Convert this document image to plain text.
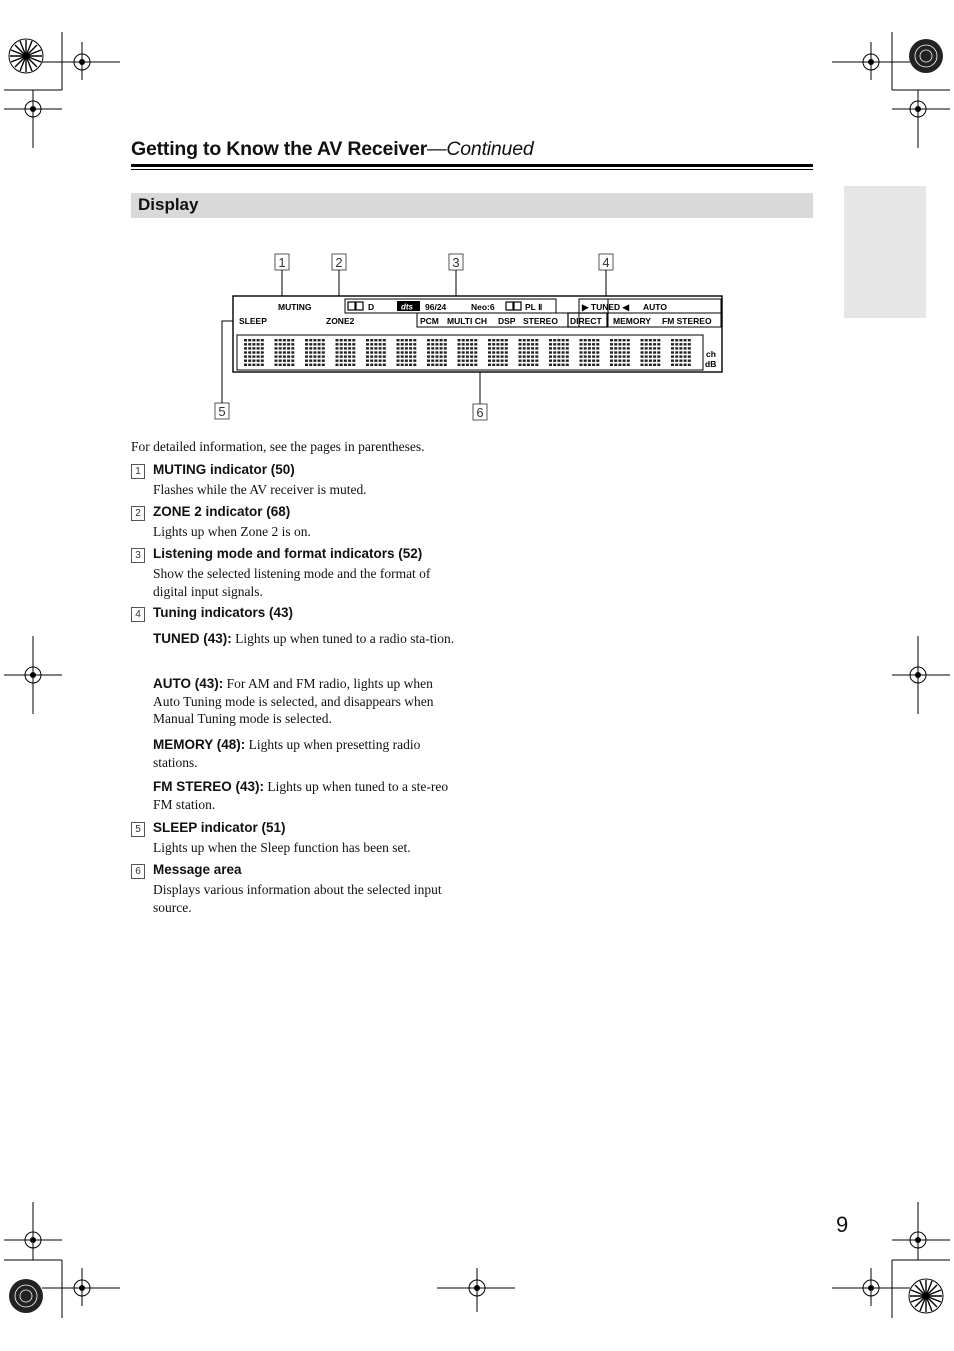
Getting to Know the AV Receiver—Continued
Display
1	2	3	4
5	6
MUTING
SLEEP	ZONE2
D	dts 96/24	Neo:6	PL Ⅱ	▶ TUNED ◀ AUTO
PCM MULTI CH DSP STEREO DIRECT MEMORY FM STEREO
ch
dB
For detailed information, see the pages in parentheses.
1 MUTING indicator (50)
Flashes while the AV receiver is muted.
2 ZONE 2 indicator (68)
Lights up when Zone 2 is on.
3 Listening mode and format indicators (52)
Show the selected listening mode and the format of digital input signals.
4 Tuning indicators (43)
TUNED (43): Lights up when tuned to a radio sta-tion.
AUTO (43): For AM and FM radio, lights up when Auto Tuning mode is selected, and disappears when Manual Tuning mode is selected.
MEMORY (48): Lights up when presetting radio stations.
FM STEREO (43): Lights up when tuned to a ste-reo FM station.
5 SLEEP indicator (51)
Lights up when the Sleep function has been set.
6 Message area
Displays various information about the selected input source.
9
